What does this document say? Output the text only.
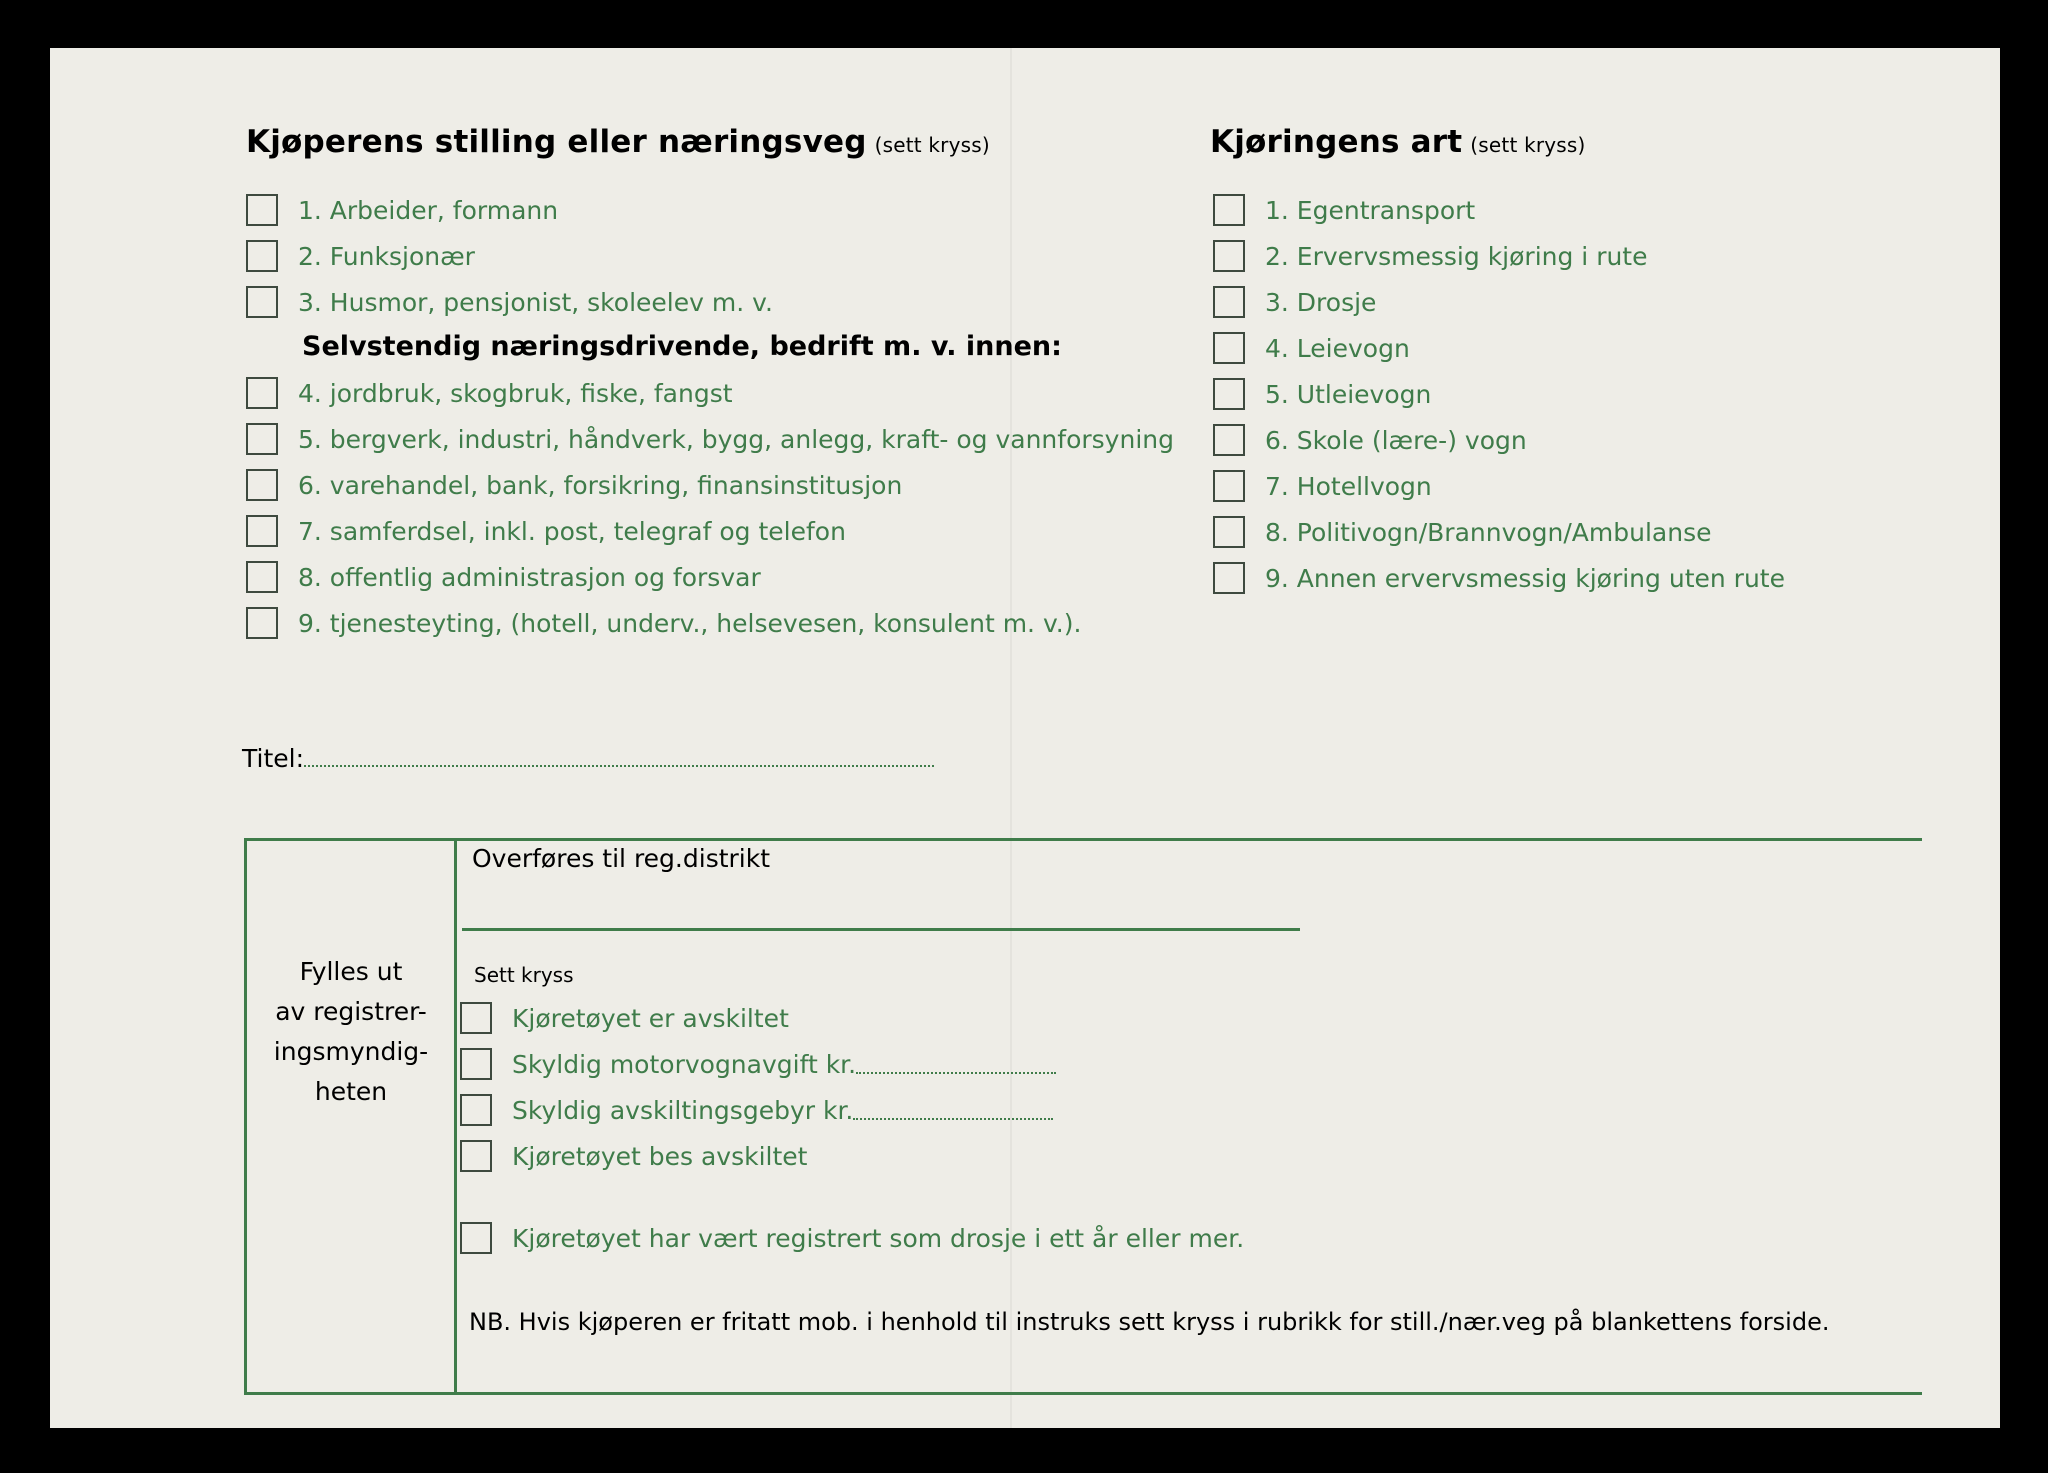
Kjøperens stilling eller næringsveg (sett kryss)	Kjøringens art (sett kryss)
1. Arbeider, formann
2. Funksjonær
3. Husmor, pensjonist, skoleelev m. v.
Selvstendig næringsdrivende, bedrift m. v. innen:
4. jordbruk, skogbruk, fiske, fangst
5. bergverk, industri, håndverk, bygg, anlegg, kraft- og vannforsyning
6. varehandel, bank, forsikring, finansinstitusjon
7. samferdsel, inkl. post, telegraf og telefon
8. offentlig administrasjon og forsvar
9. tjenesteyting, (hotell, underv., helsevesen, konsulent m. v.).
1. Egentransport
2. Ervervsmessig kjøring i rute
3. Drosje
4. Leievogn
5. Utleievogn
6. Skole (lære-) vogn
7. Hotellvogn
8. Politivogn/Brannvogn/Ambulanse
9. Annen ervervsmessig kjøring uten rute
Titel:
Fylles ut
av registrer-
ingsmyndig-
heten
Overføres til reg.distrikt
Sett kryss
Kjøretøyet er avskiltet
Skyldig motorvognavgift kr.
Skyldig avskiltingsgebyr kr.
Kjøretøyet bes avskiltet
Kjøretøyet har vært registrert som drosje i ett år eller mer.
NB. Hvis kjøperen er fritatt mob. i henhold til instruks sett kryss i rubrikk for still./nær.veg på blankettens forside.
